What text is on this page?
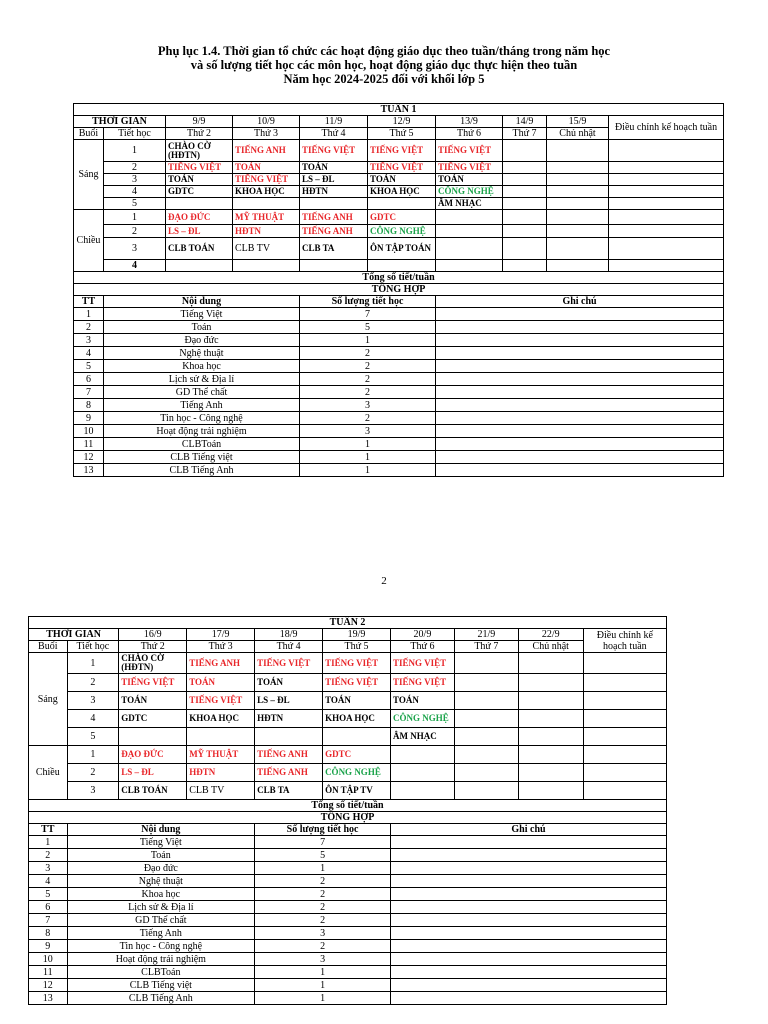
Phụ lục 1.4. Thời gian tổ chức các hoạt động giáo dục theo tuần/tháng trong năm học
và số lượng tiết học các môn học, hoạt động giáo dục thực hiện theo tuần
Năm học 2024-2025 đối với khối lớp 5
TUẦN 1									
THỜI GIAN		9/9	10/9	11/9	12/9	13/9	14/9	15/9	Điều chỉnh kế hoạch tuần
Buổi	Tiết học	Thứ 2	Thứ 3	Thứ 4	Thứ 5	Thứ 6	Thứ 7	Chủ nhật	
Sáng	1	CHÀO CỜ (HĐTN)	TIẾNG ANH	TIẾNG VIỆT	TIẾNG VIỆT	TIẾNG VIỆT			
	2	TIẾNG VIỆT	TOÁN	TOÁN	TIẾNG VIỆT	TIẾNG VIỆT			
	3	TOÁN	TIẾNG VIỆT	LS – ĐL	TOÁN	TOÁN			
	4	GDTC	KHOA HỌC	HĐTN	KHOA HỌC	CÔNG NGHỆ			
	5					ÂM NHẠC			
Chiều	1	ĐẠO ĐỨC	MỸ THUẬT	TIẾNG ANH	GDTC				
	2	LS – ĐL	HĐTN	TIẾNG ANH	CÔNG NGHỆ				
	3	CLB TOÁN	CLB TV	CLB TA	ÔN TẬP TOÁN				
	4								
Tổng số tiết/tuần									
TỔNG HỢP									
TT	Nội dung			Số lượng tiết học		Ghi chú			
1	Tiếng Việt			7					
2	Toán			5					
3	Đạo đức			1					
4	Nghệ thuật			2					
5	Khoa học			2					
6	Lịch sử & Địa lí			2					
7	GD Thể chất			2					
8	Tiếng Anh			3					
9	Tin học - Công nghệ			2					
10	Hoạt động trải nghiệm			3					
11	CLBToán			1					
12	CLB Tiếng việt			1					
13	CLB Tiếng Anh			1					
2
TUẦN 2									
THỜI GIAN		16/9	17/9	18/9	19/9	20/9	21/9	22/9	Điều chỉnh kế hoạch tuần
Buổi	Tiết học	Thứ 2	Thứ 3	Thứ 4	Thứ 5	Thứ 6	Thứ 7	Chủ nhật	
Sáng	1	CHÀO CỜ (HĐTN)	TIẾNG ANH	TIẾNG VIỆT	TIẾNG VIỆT	TIẾNG VIỆT			
	2	TIẾNG VIỆT	TOÁN	TOÁN	TIẾNG VIỆT	TIẾNG VIỆT			
	3	TOÁN	TIẾNG VIỆT	LS – ĐL	TOÁN	TOÁN			
	4	GDTC	KHOA HỌC	HĐTN	KHOA HỌC	CÔNG NGHỆ			
	5					ÂM NHẠC			
Chiều	1	ĐẠO ĐỨC	MỸ THUẬT	TIẾNG ANH	GDTC				
	2	LS – ĐL	HĐTN	TIẾNG ANH	CÔNG NGHỆ				
	3	CLB TOÁN	CLB TV	CLB TA	ÔN TẬP TV				
Tổng số tiết/tuần									
TỔNG HỢP									
TT	Nội dung			Số lượng tiết học		Ghi chú			
1	Tiếng Việt			7					
2	Toán			5					
3	Đạo đức			1					
4	Nghệ thuật			2					
5	Khoa học			2					
6	Lịch sử & Địa lí			2					
7	GD Thể chất			2					
8	Tiếng Anh			3					
9	Tin học - Công nghệ			2					
10	Hoạt động trải nghiệm			3					
11	CLBToán			1					
12	CLB Tiếng việt			1					
13	CLB Tiếng Anh			1					
